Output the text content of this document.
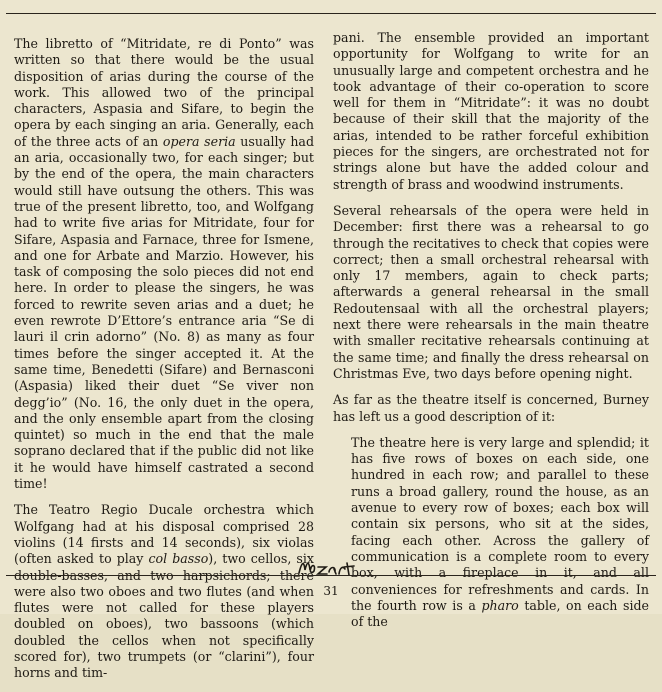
The libretto of “Mitridate, re di Ponto” was written so that there would be the usual disposition of arias during the course of the work. This allowed two of the principal characters, Aspasia and Sifare, to begin the opera by each singing an aria. Generally, each of the three acts of an opera seria usually had an aria, occasionally two, for each singer; but by the end of the opera, the main characters would still have outsung the others. This was true of the present libretto, too, and Wolfgang had to write five arias for Mitridate, four for Sifare, Aspasia and Farnace, three for Ismene, and one for Arbate and Marzio. However, his task of composing the solo pieces did not end here. In order to please the singers, he was forced to rewrite seven arias and a duet; he even rewrote D’Ettore’s entrance aria “Se di lauri il crin adorno” (No. 8) as many as four times before the singer accepted it. At the same time, Benedetti (Sifare) and Bernasconi (Aspasia) liked their duet “Se viver non degg’io” (No. 16, the only duet in the opera, and the only ensemble apart from the closing quintet) so much in the end that the male soprano declared that if the public did not like it he would have himself castrated a second time!

The Teatro Regio Ducale orchestra which Wolfgang had at his disposal comprised 28 violins (14 firsts and 14 seconds), six violas (often asked to play col basso), two cellos, six double-basses, and two harpsichords; there were also two oboes and two flutes (and when flutes were not called for these players doubled on oboes), two bassoons (which doubled the cellos when not specifically scored for), two trumpets (or “clarini”), four horns and tim-

pani. The ensemble provided an important opportunity for Wolfgang to write for an unusually large and competent orchestra and he took advantage of their co-operation to score well for them in “Mitridate”: it was no doubt because of their skill that the majority of the arias, intended to be rather forceful exhibition pieces for the singers, are orchestrated not for strings alone but have the added colour and strength of brass and woodwind instruments.

Several rehearsals of the opera were held in December: first there was a rehearsal to go through the recitatives to check that copies were correct; then a small orchestral rehearsal with only 17 members, again to check parts; afterwards a general rehearsal in the small Redoutensaal with all the orchestral players; next there were rehearsals in the main theatre with smaller recitative rehearsals continuing at the same time; and finally the dress rehearsal on Christmas Eve, two days before opening night.

As far as the theatre itself is concerned, Burney has left us a good description of it:

The theatre here is very large and splendid; it has five rows of boxes on each side, one hundred in each row; and parallel to these runs a broad gallery, round the house, as an avenue to every row of boxes; each box will contain six persons, who sit at the sides, facing each other. Across the gallery of communication is a complete room to every box, with a fireplace in it, and all conveniences for refreshments and cards. In the fourth row is a pharo table, on each side of the

31
